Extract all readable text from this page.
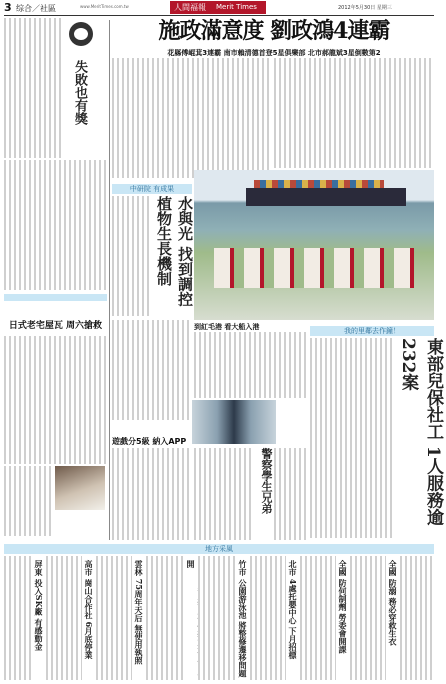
3 综合／社區	www.MeritTimes.com.tw	人間福報 Merit Times	2012年5月30日 星期三
失敗也有獎
日式老宅屋瓦 周六搶救
施政滿意度 劉政鴻4連霸
花縣傅崐萁3連霸 南市賴清德首登5星俱樂部 北市郝龍斌3星倒數第2
中研院 有成果
水與光 找到調控植物生長機制
到紅毛港 看大船入港
遊戲分5級 納入APP
警察學生兄弟
我的里鄰去作鐘！
東部兒保社工 1人服務逾232案
地方采風
屏東 投入SK廠 有感動金	高市 崗山合作社 6月底停業	雲林 75周年天后 無使用執照	開	竹市 公園游泳池 將整修遷移問題	北市 4處托嬰中心 下月招標	全國 防何制劑 勞委會開課	全國 防溺 務必穿救生衣
